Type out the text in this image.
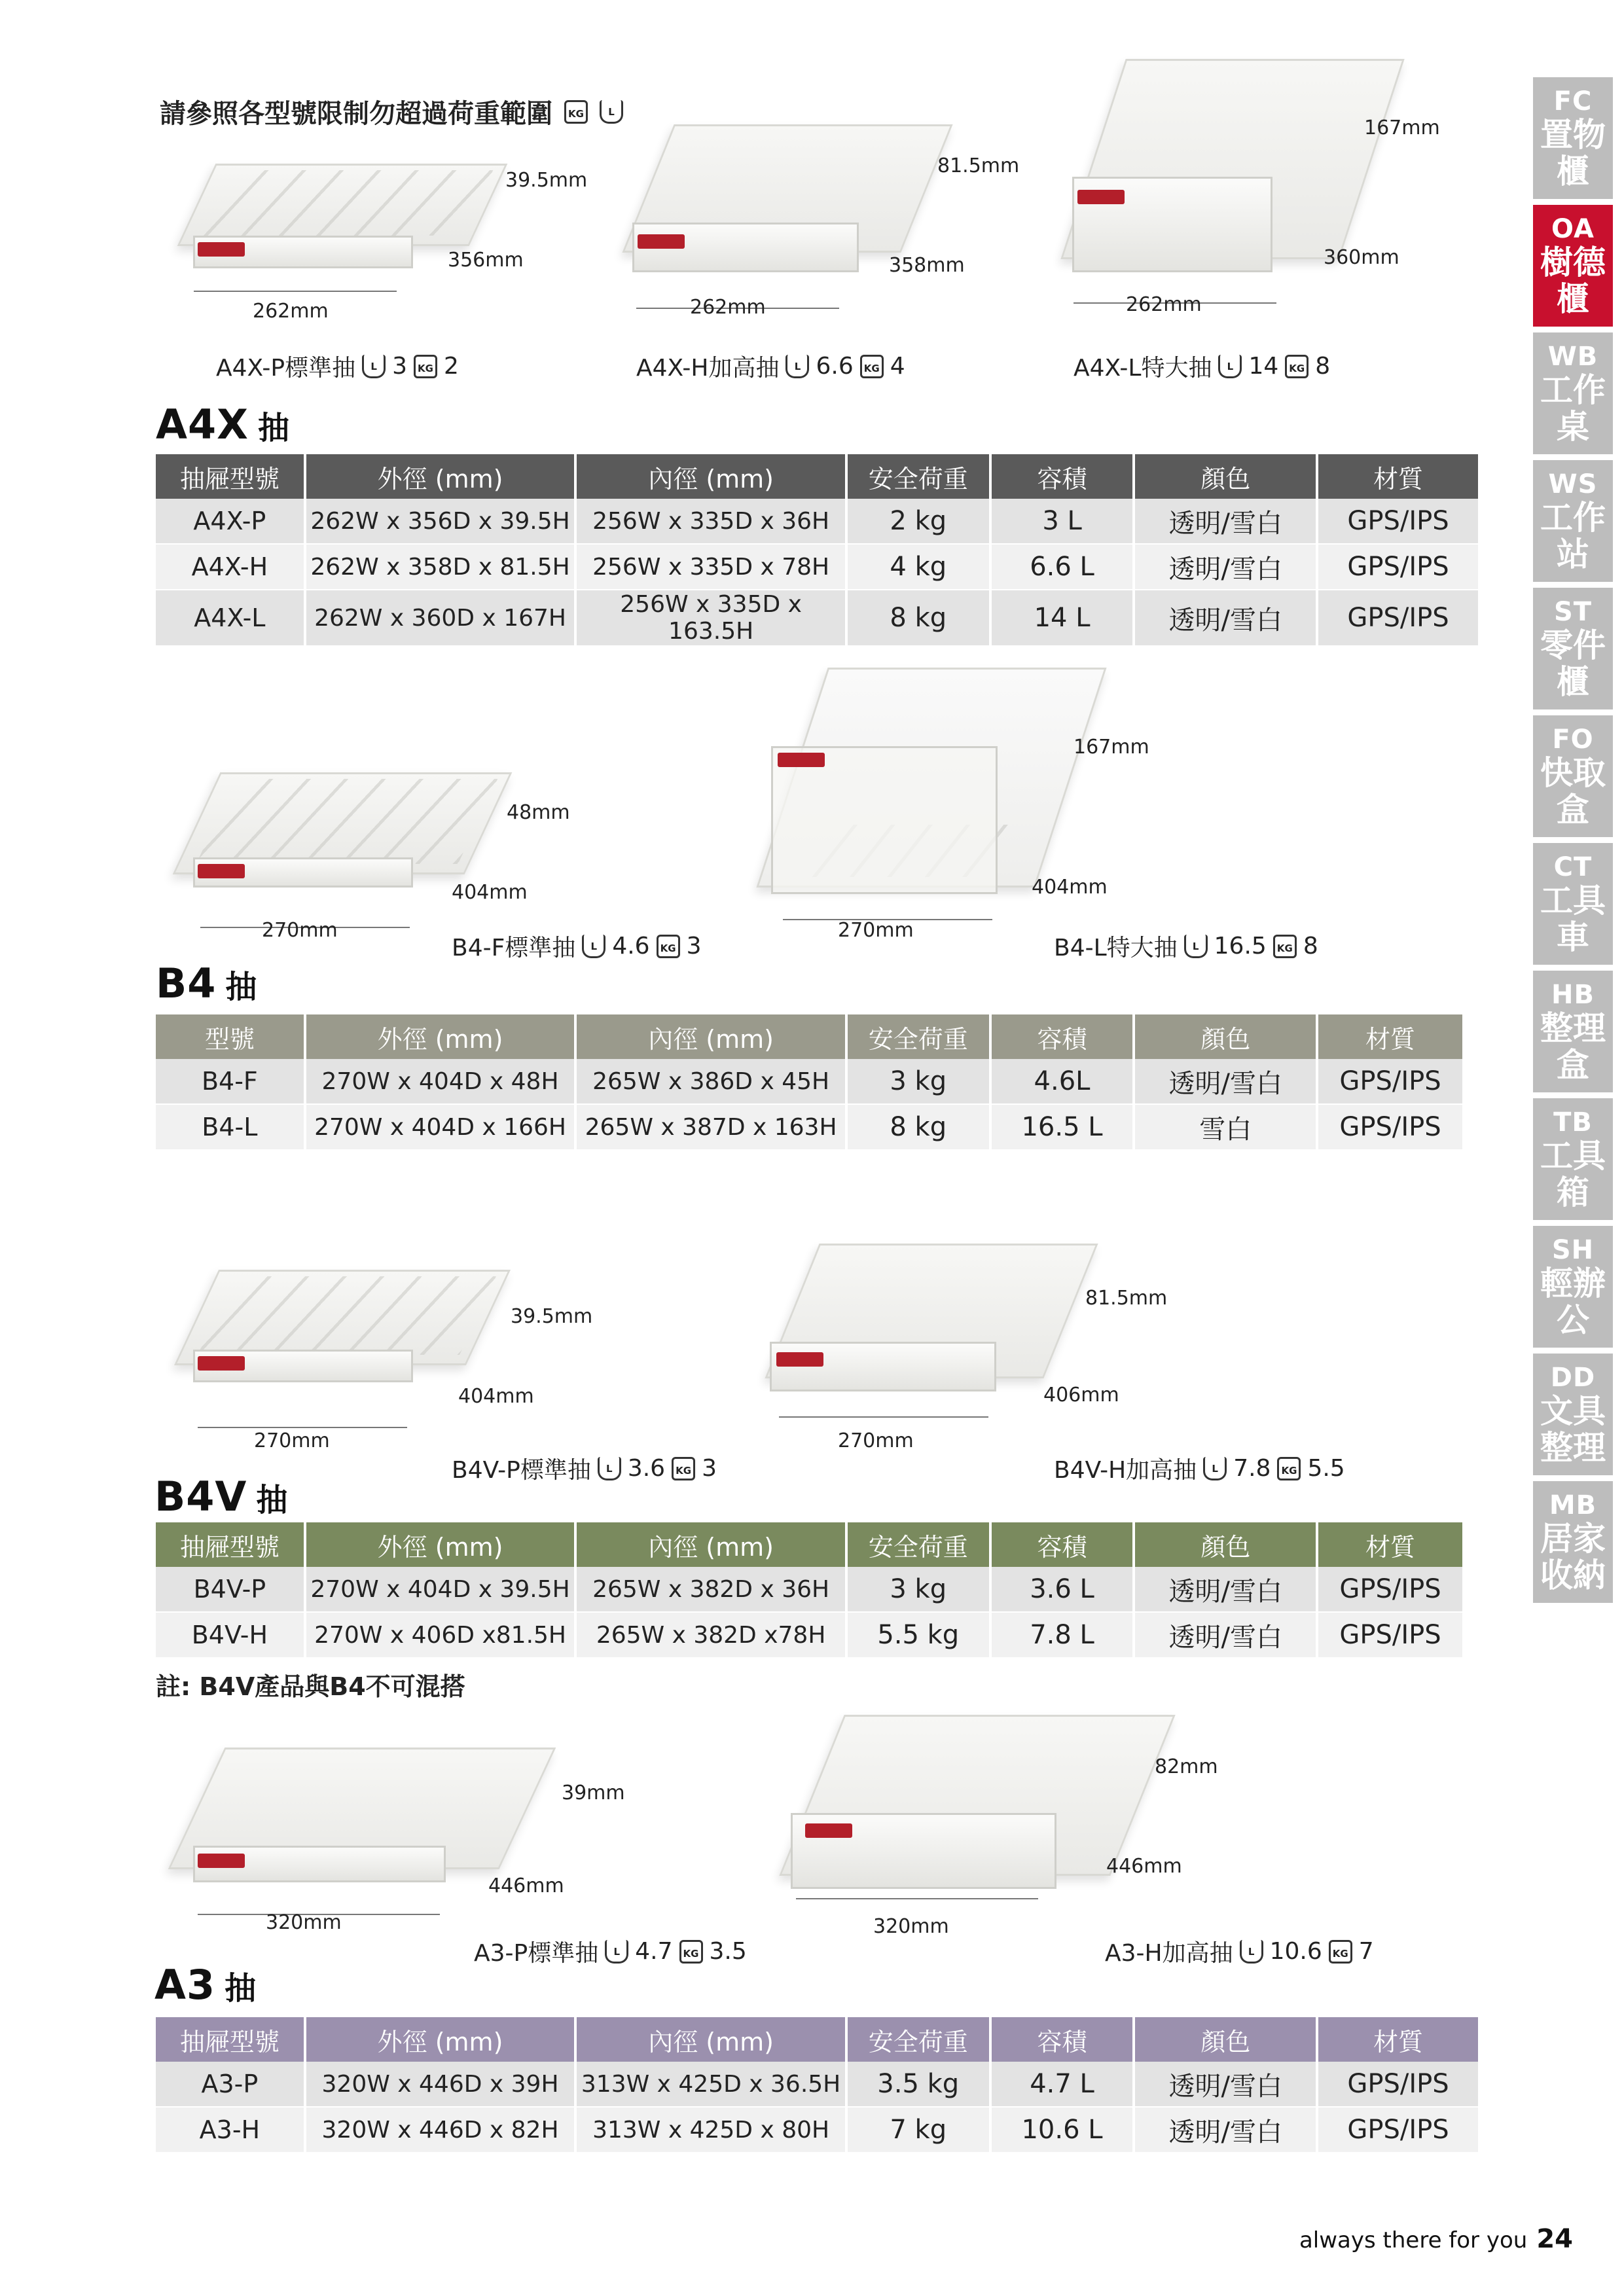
請參照各型號限制勿超過荷重範圍	KG	L
39.5mm
356mm
262mm
A4X-P標準抽	L 3	KG 2
81.5mm
358mm
262mm
A4X-H加高抽	L 6.6	KG 4
167mm
360mm
262mm
A4X-L特大抽	L 14	KG 8
A4X 抽
抽屜型號	外徑 (mm)	內徑 (mm)	安全荷重	容積	顏色	材質
A4X-P	262W x 356D x 39.5H	256W x 335D x 36H	2 kg	3 L	透明/雪白	GPS/IPS
A4X-H	262W x 358D x 81.5H	256W x 335D x 78H	4 kg	6.6 L	透明/雪白	GPS/IPS
A4X-L	262W x 360D x 167H	256W x 335D x 163.5H	8 kg	14 L	透明/雪白	GPS/IPS
48mm
404mm
270mm
B4-F標準抽	L 4.6	KG 3
167mm
404mm
270mm
B4-L特大抽	L 16.5	KG 8
B4 抽
型號	外徑 (mm)	內徑 (mm)	安全荷重	容積	顏色	材質
B4-F	270W x 404D x 48H	265W x 386D x 45H	3 kg	4.6L	透明/雪白	GPS/IPS
B4-L	270W x 404D x 166H	265W x 387D x 163H	8 kg	16.5 L	雪白	GPS/IPS
39.5mm
404mm
270mm
B4V-P標準抽	L 3.6	KG 3
81.5mm
406mm
270mm
B4V-H加高抽	L 7.8	KG 5.5
B4V 抽
抽屜型號	外徑 (mm)	內徑 (mm)	安全荷重	容積	顏色	材質
B4V-P	270W x 404D x 39.5H	265W x 382D x 36H	3 kg	3.6 L	透明/雪白	GPS/IPS
B4V-H	270W x 406D x81.5H	265W x 382D x78H	5.5 kg	7.8 L	透明/雪白	GPS/IPS
註: B4V產品與B4不可混搭
39mm
446mm
320mm
A3-P標準抽	L 4.7	KG 3.5
82mm
446mm
320mm
A3-H加高抽	L 10.6	KG 7
A3 抽
抽屜型號	外徑 (mm)	內徑 (mm)	安全荷重	容積	顏色	材質
A3-P	320W x 446D x 39H	313W x 425D x 36.5H	3.5 kg	4.7 L	透明/雪白	GPS/IPS
A3-H	320W x 446D x 82H	313W x 425D x 80H	7 kg	10.6 L	透明/雪白	GPS/IPS
FC
置物櫃
OA
樹德櫃
WB
工作桌
WS
工作站
ST
零件櫃
FO
快取盒
CT
工具車
HB
整理盒
TB
工具箱
SH
輕辦公
DD
文具整理
MB
居家收納
always there for you 24
